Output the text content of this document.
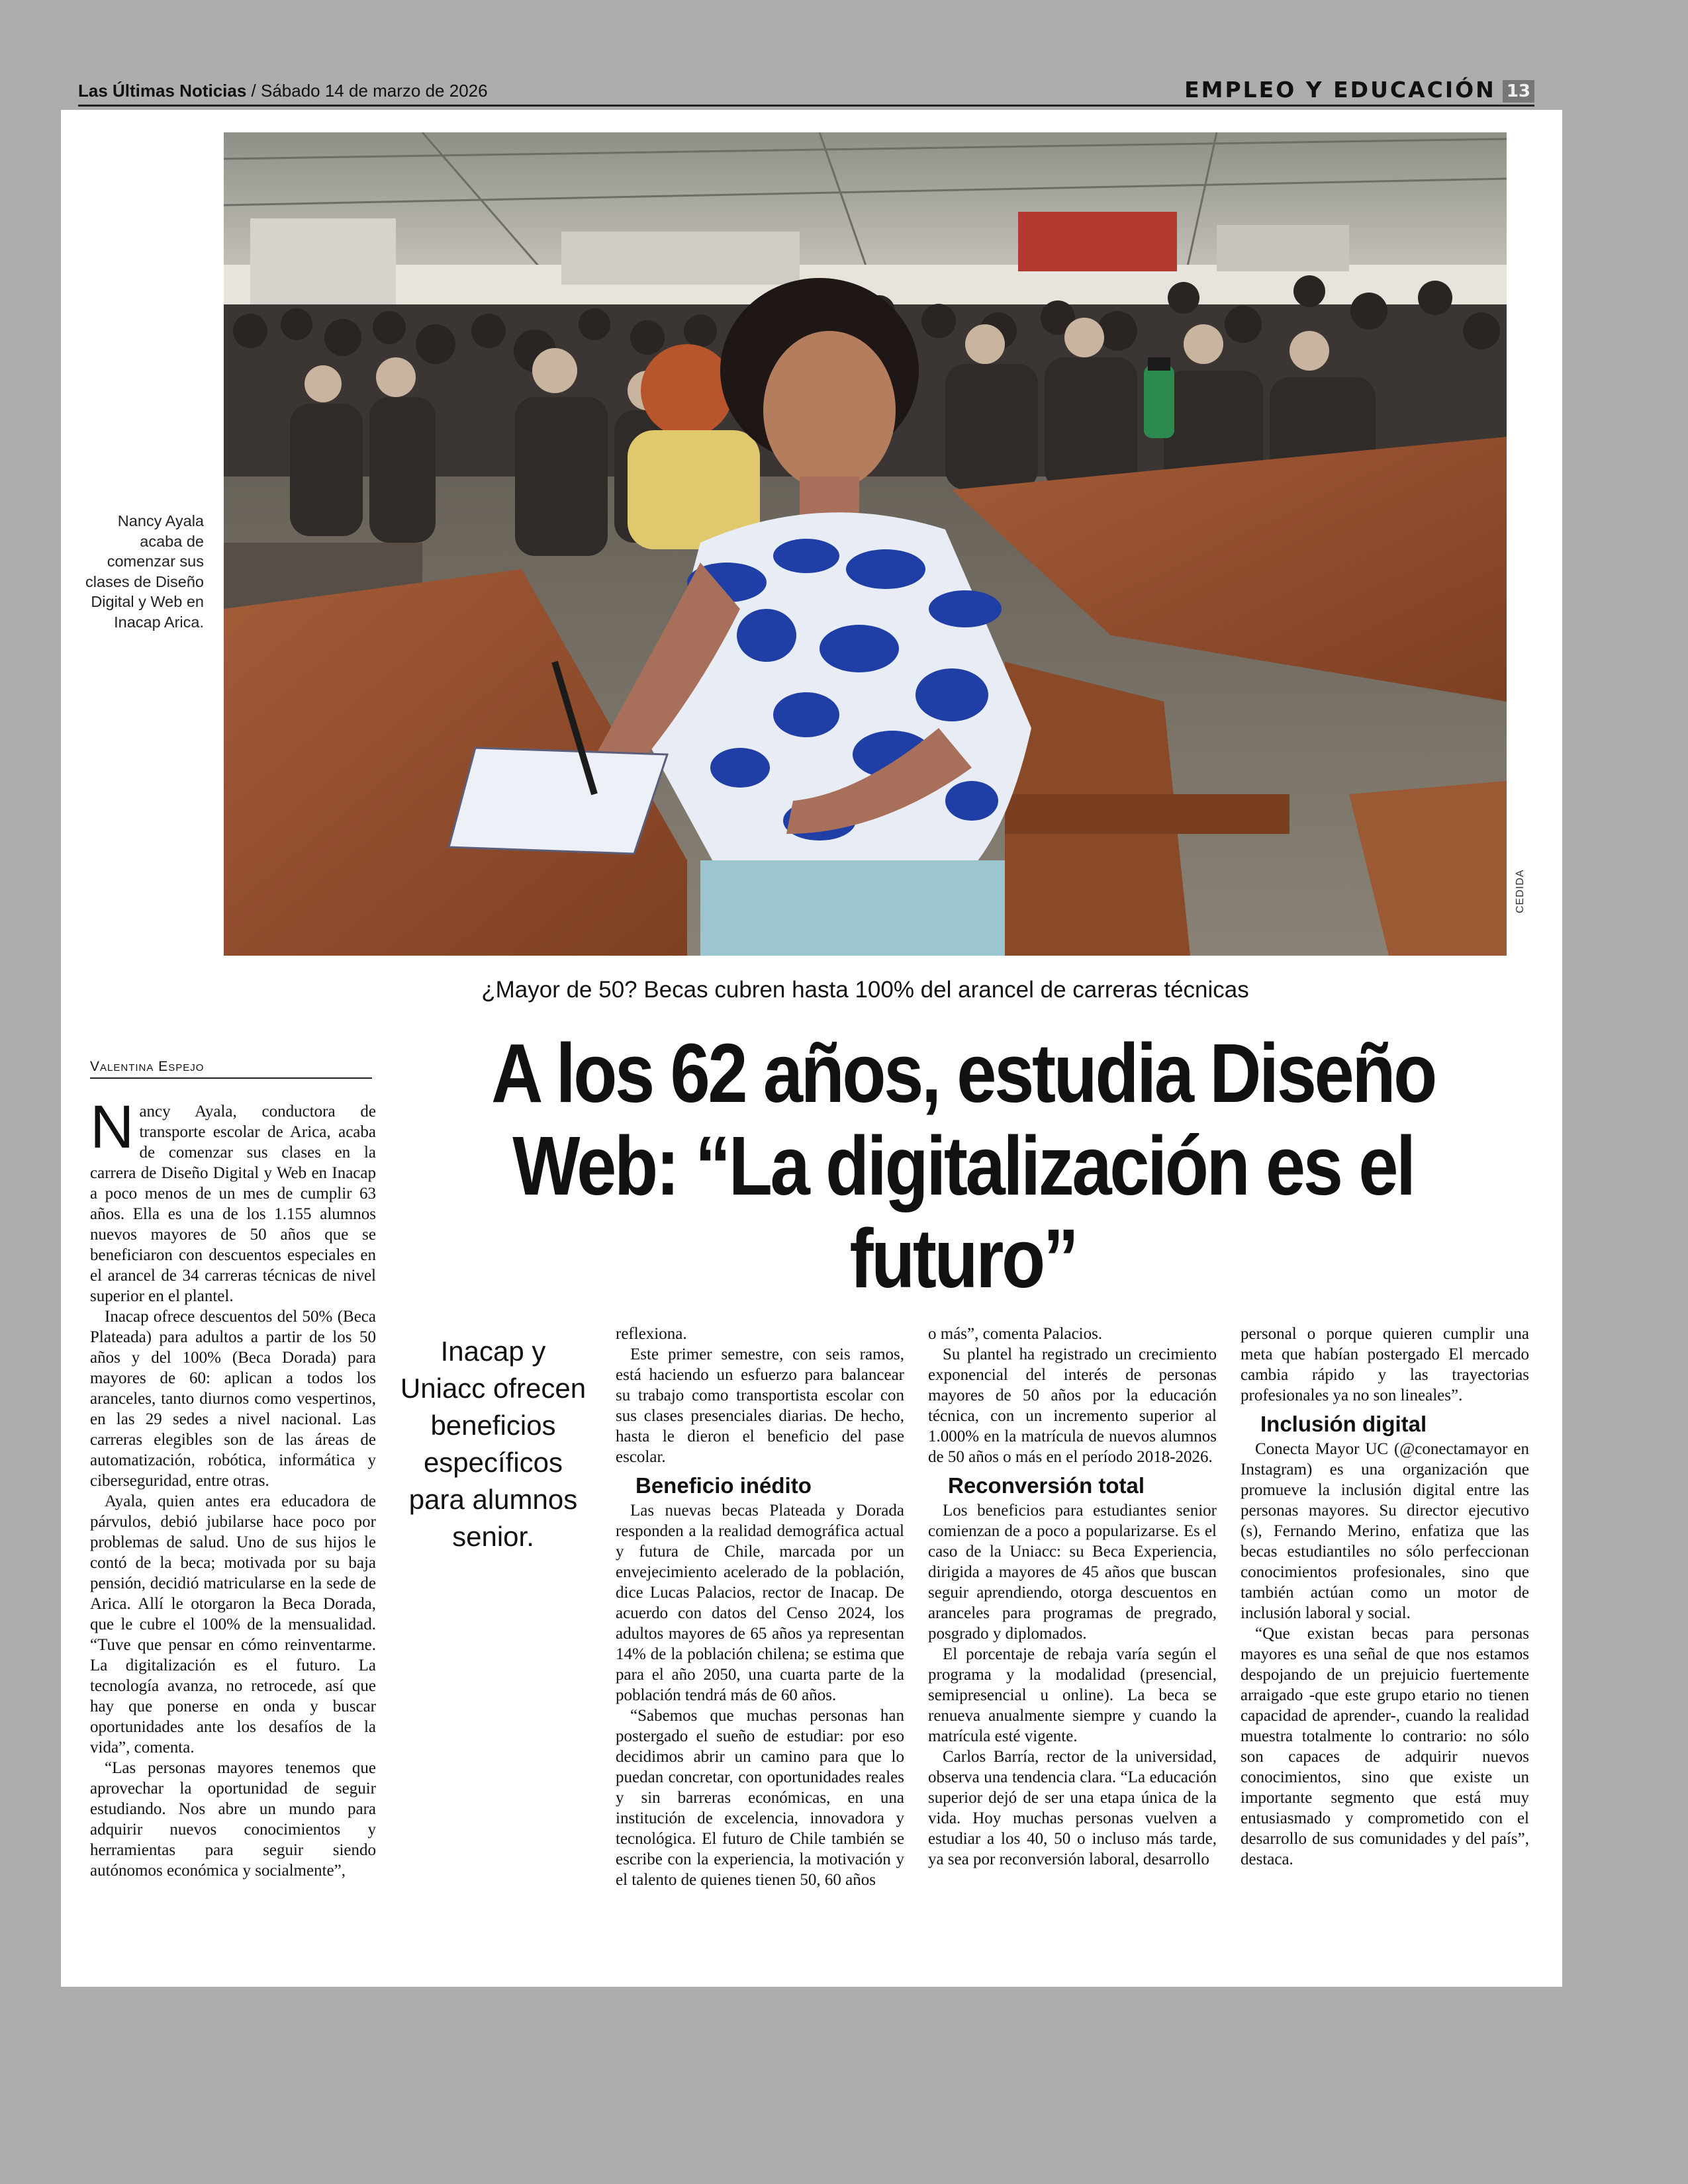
Las Últimas Noticias / Sábado 14 de marzo de 2026	EMPLEO Y EDUCACIÓN 13
CEDIDA
Nancy Ayala acaba de comenzar sus clases de Diseño Digital y Web en Inacap Arica.
¿Mayor de 50? Becas cubren hasta 100% del arancel de carreras técnicas
A los 62 años, estudia Diseño Web: “La digitalización es el futuro”
Valentina Espejo

Nancy Ayala, conductora de transporte escolar de Arica, acaba de comenzar sus clases en la carrera de Diseño Digital y Web en Inacap a poco menos de un mes de cumplir 63 años. Ella es una de los 1.155 alumnos nuevos mayores de 50 años que se beneficiaron con descuentos especiales en el arancel de 34 carreras técnicas de nivel superior en el plantel.

Inacap ofrece descuentos del 50% (Beca Plateada) para adultos a partir de los 50 años y del 100% (Beca Dorada) para mayores de 60: aplican a todos los aranceles, tanto diurnos como vespertinos, en las 29 sedes a nivel nacional. Las carreras elegibles son de las áreas de automatización, robótica, informática y ciberseguridad, entre otras.

Ayala, quien antes era educadora de párvulos, debió jubilarse hace poco por problemas de salud. Uno de sus hijos le contó de la beca; motivada por su baja pensión, decidió matricularse en la sede de Arica. Allí le otorgaron la Beca Dorada, que le cubre el 100% de la mensualidad. “Tuve que pensar en cómo reinventarme. La digitalización es el futuro. La tecnología avanza, no retrocede, así que hay que ponerse en onda y buscar oportunidades ante los desafíos de la vida”, comenta.

“Las personas mayores tenemos que aprovechar la oportunidad de seguir estudiando. Nos abre un mundo para adquirir nuevos conocimientos y herramientas para seguir siendo autónomos económica y socialmente”,

Inacap y Uniacc ofrecen beneficios específicos para alumnos senior.

reflexiona.

Este primer semestre, con seis ramos, está haciendo un esfuerzo para balancear su trabajo como transportista escolar con sus clases presenciales diarias. De hecho, hasta le dieron el beneficio del pase escolar.

Beneficio inédito

Las nuevas becas Plateada y Dorada responden a la realidad demográfica actual y futura de Chile, marcada por un envejecimiento acelerado de la población, dice Lucas Palacios, rector de Inacap. De acuerdo con datos del Censo 2024, los adultos mayores de 65 años ya representan 14% de la población chilena; se estima que para el año 2050, una cuarta parte de la población tendrá más de 60 años.

“Sabemos que muchas personas han postergado el sueño de estudiar: por eso decidimos abrir un camino para que lo puedan concretar, con oportunidades reales y sin barreras económicas, en una institución de excelencia, innovadora y tecnológica. El futuro de Chile también se escribe con la experiencia, la motivación y el talento de quienes tienen 50, 60 años

o más”, comenta Palacios.

Su plantel ha registrado un crecimiento exponencial del interés de personas mayores de 50 años por la educación técnica, con un incremento superior al 1.000% en la matrícula de nuevos alumnos de 50 años o más en el período 2018-2026.

Reconversión total

Los beneficios para estudiantes senior comienzan de a poco a popularizarse. Es el caso de la Uniacc: su Beca Experiencia, dirigida a mayores de 45 años que buscan seguir aprendiendo, otorga descuentos en aranceles para programas de pregrado, posgrado y diplomados.

El porcentaje de rebaja varía según el programa y la modalidad (presencial, semipresencial u online). La beca se renueva anualmente siempre y cuando la matrícula esté vigente.

Carlos Barría, rector de la universidad, observa una tendencia clara. “La educación superior dejó de ser una etapa única de la vida. Hoy muchas personas vuelven a estudiar a los 40, 50 o incluso más tarde, ya sea por reconversión laboral, desarrollo

personal o porque quieren cumplir una meta que habían postergado El mercado cambia rápido y las trayectorias profesionales ya no son lineales”.

Inclusión digital

Conecta Mayor UC (@conectamayor en Instagram) es una organización que promueve la inclusión digital entre las personas mayores. Su director ejecutivo (s), Fernando Merino, enfatiza que las becas estudiantiles no sólo perfeccionan conocimientos profesionales, sino que también actúan como un motor de inclusión laboral y social.

“Que existan becas para personas mayores es una señal de que nos estamos despojando de un prejuicio fuertemente arraigado -que este grupo etario no tienen capacidad de aprender-, cuando la realidad muestra totalmente lo contrario: no sólo son capaces de adquirir nuevos conocimientos, sino que existe un importante segmento que está muy entusiasmado y comprometido con el desarrollo de sus comunidades y del país”, destaca.
